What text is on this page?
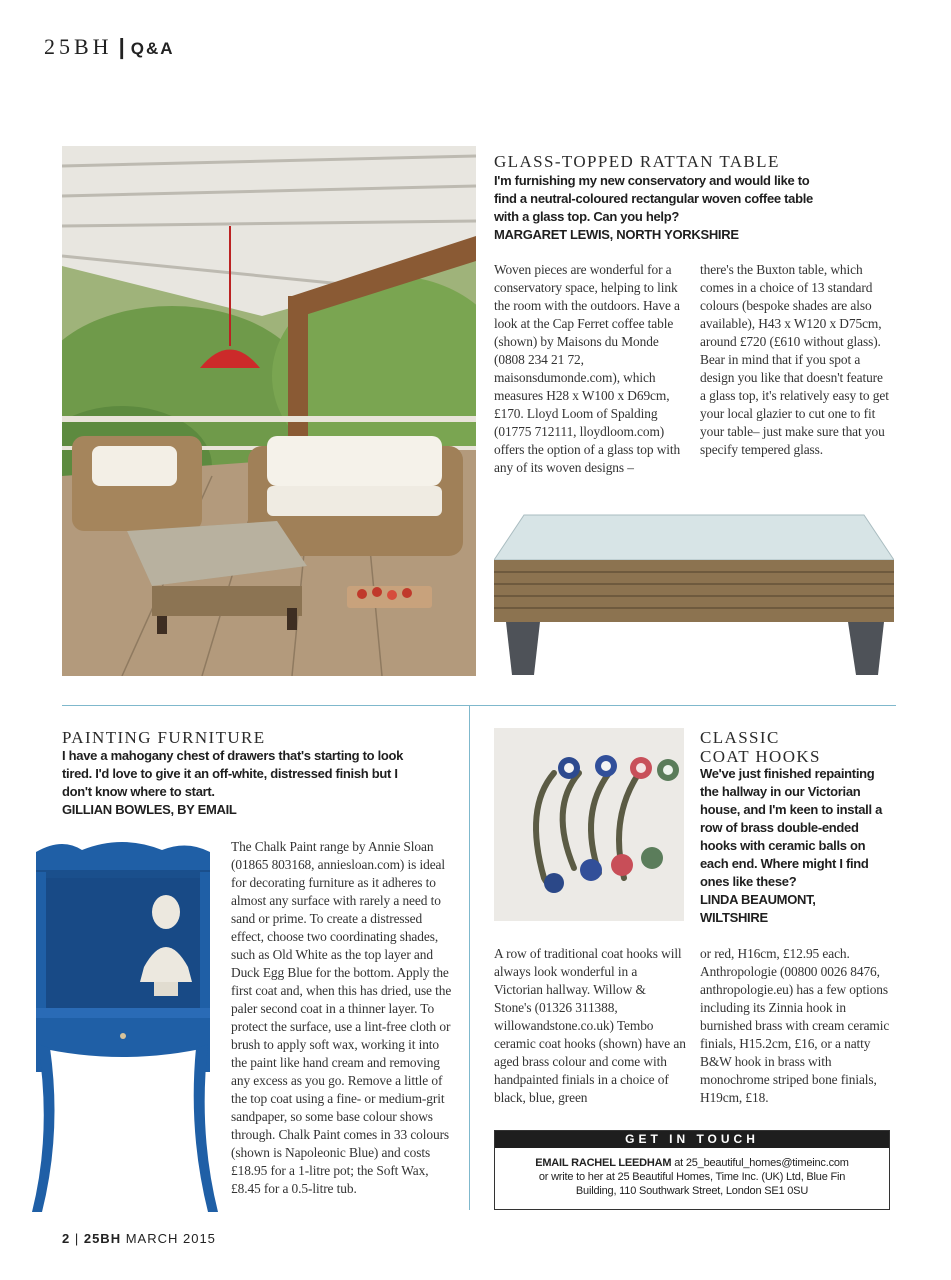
25BH | Q&A
GLASS-TOPPED RATTAN TABLE
I'm furnishing my new conservatory and would like to find a neutral-coloured rectangular woven coffee table with a glass top. Can you help?
MARGARET LEWIS, NORTH YORKSHIRE
Woven pieces are wonderful for a conservatory space, helping to link the room with the outdoors. Have a look at the Cap Ferret coffee table (shown) by Maisons du Monde (0808 234 21 72, maisonsdumonde.com), which measures H28 x W100 x D69cm, £170. Lloyd Loom of Spalding (01775 712111, lloydloom.com) offers the option of a glass top with any of its woven designs –
there's the Buxton table, which comes in a choice of 13 standard colours (bespoke shades are also available), H43 x W120 x D75cm, around £720 (£610 without glass). Bear in mind that if you spot a design you like that doesn't feature a glass top, it's relatively easy to get your local glazier to cut one to fit your table– just make sure that you specify tempered glass.
PAINTING FURNITURE
I have a mahogany chest of drawers that's starting to look tired. I'd love to give it an off-white, distressed finish but I don't know where to start.
GILLIAN BOWLES, BY EMAIL
The Chalk Paint range by Annie Sloan (01865 803168, anniesloan.com) is ideal for decorating furniture as it adheres to almost any surface with rarely a need to sand or prime. To create a distressed effect, choose two coordinating shades, such as Old White as the top layer and Duck Egg Blue for the bottom. Apply the first coat and, when this has dried, use the paler second coat in a thinner layer. To protect the surface, use a lint-free cloth or brush to apply soft wax, working it into the paint like hand cream and removing any excess as you go. Remove a little of the top coat using a fine- or medium-grit sandpaper, so some base colour shows through. Chalk Paint comes in 33 colours (shown is Napoleonic Blue) and costs £18.95 for a 1-litre pot; the Soft Wax, £8.45 for a 0.5-litre tub.
CLASSIC
COAT HOOKS
We've just finished repainting the hallway in our Victorian house, and I'm keen to install a row of brass double-ended hooks with ceramic balls on each end. Where might I find ones like these?
LINDA BEAUMONT,
WILTSHIRE
A row of traditional coat hooks will always look wonderful in a Victorian hallway. Willow & Stone's (01326 311388, willowandstone.co.uk) Tembo ceramic coat hooks (shown) have an aged brass colour and come with handpainted finials in a choice of black, blue, green
or red, H16cm, £12.95 each. Anthropologie (00800 0026 8476, anthropologie.eu) has a few options including its Zinnia hook in burnished brass with cream ceramic finials, H15.2cm, £16, or a natty B&W hook in brass with monochrome striped bone finials, H19cm, £18.
GET IN TOUCH
EMAIL RACHEL LEEDHAM at 25_beautiful_homes@timeinc.com
or write to her at 25 Beautiful Homes, Time Inc. (UK) Ltd, Blue Fin
Building, 110 Southwark Street, London SE1 0SU
2 | 25BH MARCH 2015
